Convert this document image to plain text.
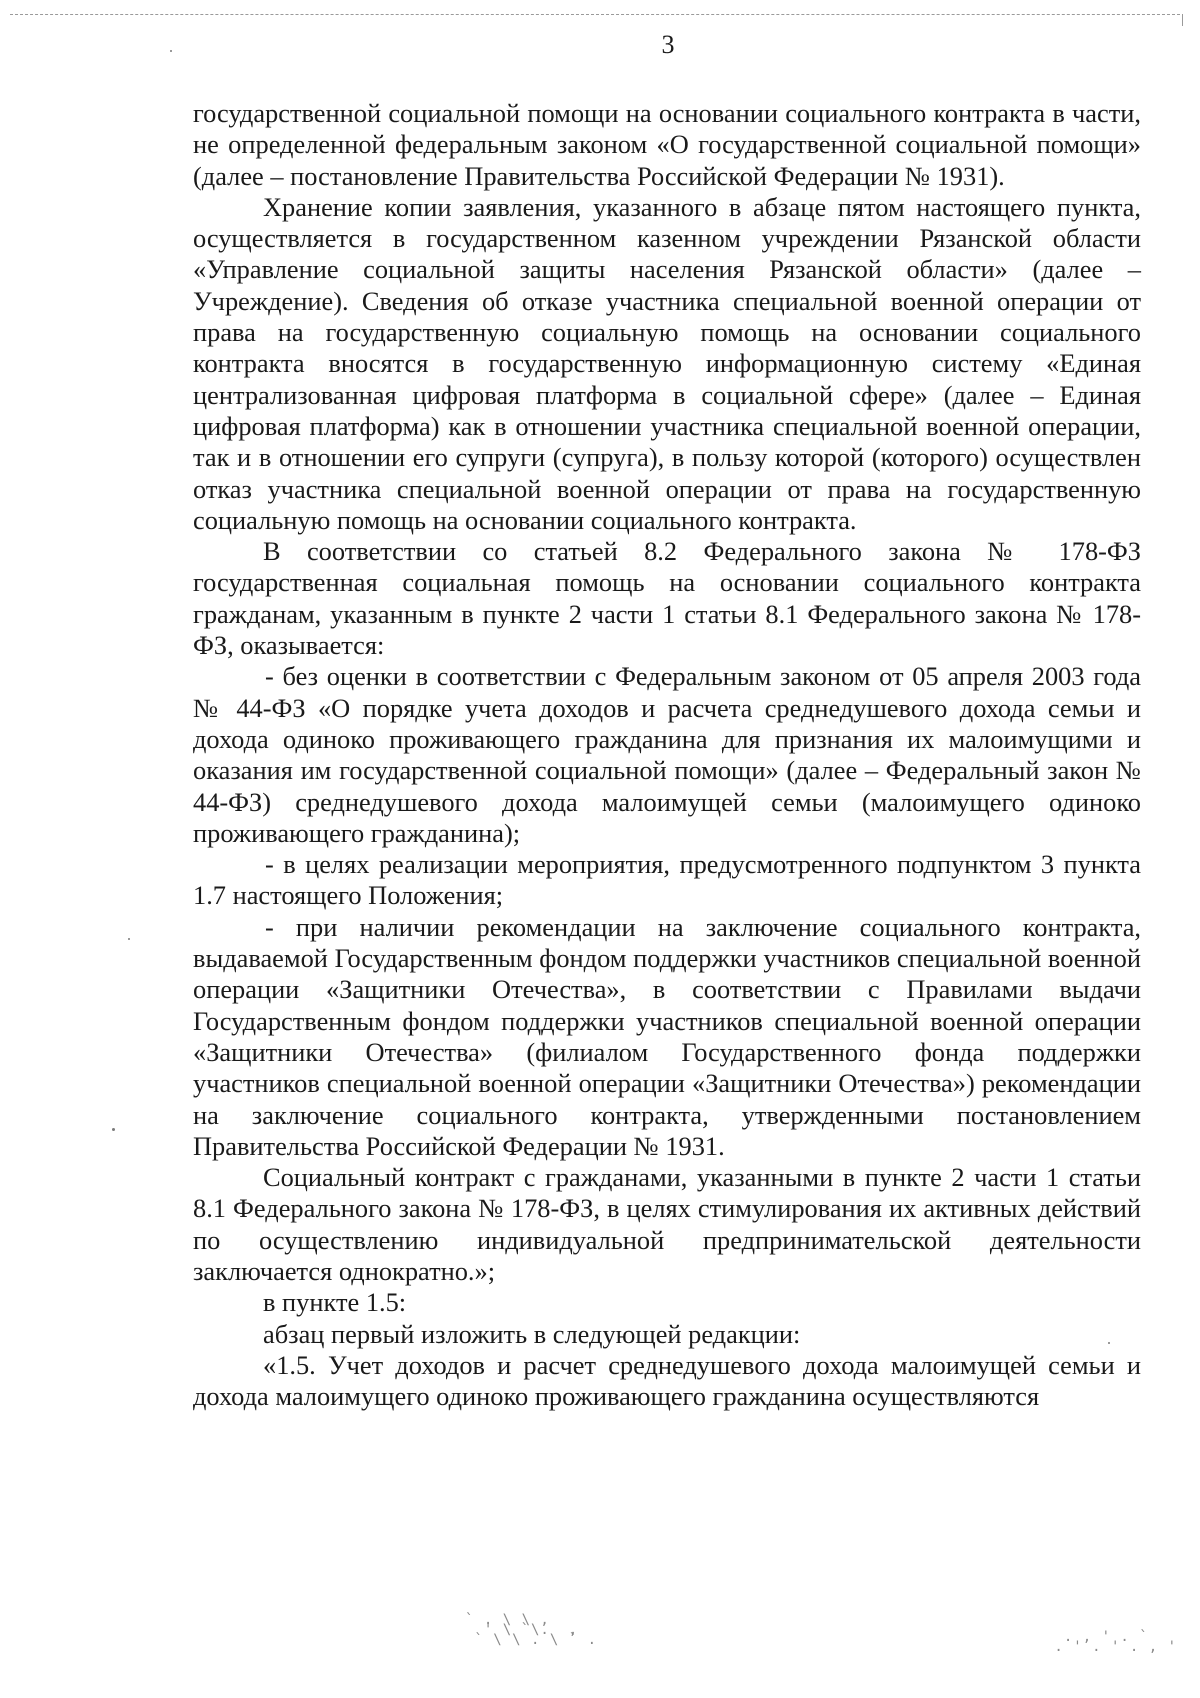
3

государственной социальной помощи на основании социального контракта в части, не определенной федеральным законом «О государственной социальной помощи» (далее – постановление Правительства Российской Федерации № 1931).

Хранение копии заявления, указанного в абзаце пятом настоящего пункта, осуществляется в государственном казенном учреждении Рязанской области «Управление социальной защиты населения Рязанской области» (далее – Учреждение). Сведения об отказе участника специальной военной операции от права на государственную социальную помощь на основании социального контракта вносятся в государственную информационную систему «Единая централизованная цифровая платформа в социальной сфере» (далее – Единая цифровая платформа) как в отношении участника специальной военной операции, так и в отношении его супруги (супруга), в пользу которой (которого) осуществлен отказ участника специальной военной операции от права на государственную социальную помощь на основании социального контракта.

В соответствии со статьей 8.2 Федерального закона № 178-ФЗ государственная социальная помощь на основании социального контракта гражданам, указанным в пункте 2 части 1 статьи 8.1 Федерального закона № 178-ФЗ, оказывается:

- без оценки в соответствии с Федеральным законом от 05 апреля 2003 года № 44-ФЗ «О порядке учета доходов и расчета среднедушевого дохода семьи и дохода одиноко проживающего гражданина для признания их малоимущими и оказания им государственной социальной помощи» (далее – Федеральный закон № 44-ФЗ) среднедушевого дохода малоимущей семьи (малоимущего одиноко проживающего гражданина);

- в целях реализации мероприятия, предусмотренного подпунктом 3 пункта 1.7 настоящего Положения;

- при наличии рекомендации на заключение социального контракта, выдаваемой Государственным фондом поддержки участников специальной военной операции «Защитники Отечества», в соответствии с Правилами выдачи Государственным фондом поддержки участников специальной военной операции «Защитники Отечества» (филиалом Государственного фонда поддержки участников специальной военной операции «Защитники Отечества») рекомендации на заключение социального контракта, утвержденными постановлением Правительства Российской Федерации № 1931.

Социальный контракт с гражданами, указанными в пункте 2 части 1 статьи 8.1 Федерального закона № 178-ФЗ, в целях стимулирования их активных действий по осуществлению индивидуальной предпринимательской деятельности заключается однократно.»;

в пункте 1.5:

абзац первый изложить в следующей редакции:

«1.5. Учет доходов и расчет среднедушевого дохода малоимущей семьи и дохода малоимущего одиноко проживающего гражданина осуществляются

` . \ \ ,
' \ ̀ \.  ,
` \ \ . \ ` .	. , ' . `
. ' . ' . , '
